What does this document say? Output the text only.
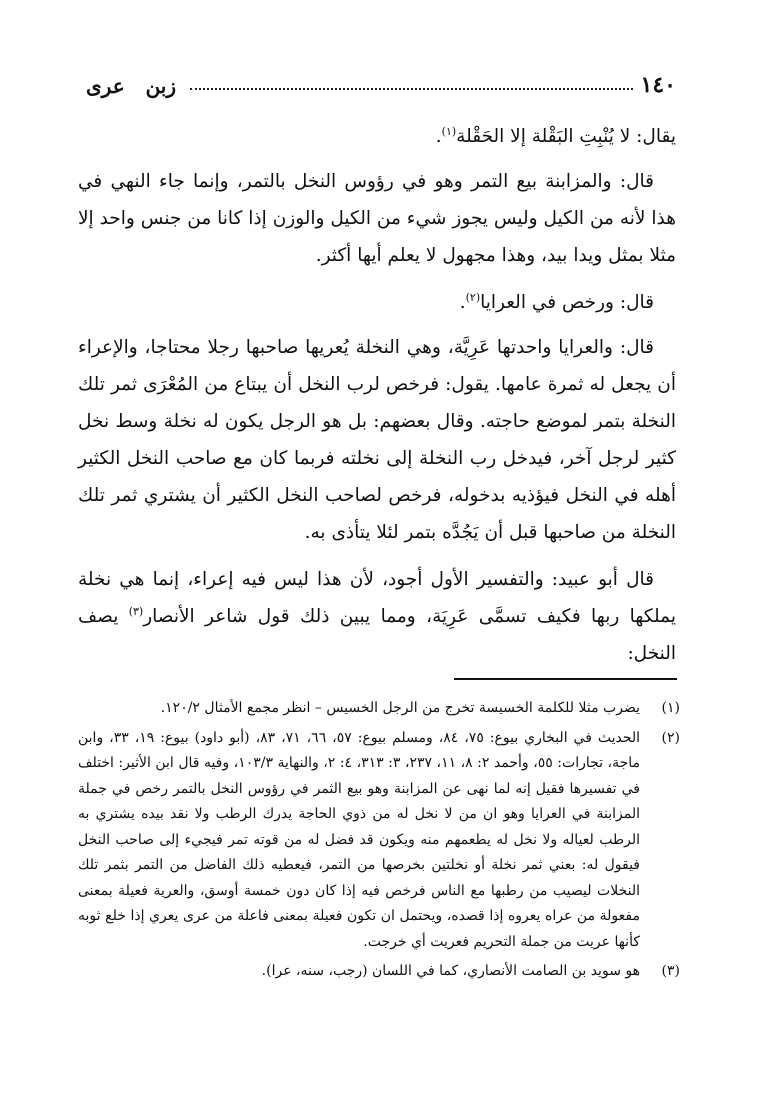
١٤٠
زبن عرى

يقال: لا يُنْبِتِ البَقْلة إلا الحَقْلة$^{(١)}$.

قال: والمزابنة بيع التمر وهو في رؤوس النخل بالتمر، وإنما جاء النهي في هذا لأنه من الكيل وليس يجوز شيء من الكيل والوزن إذا كانا من جنس واحد إلا مثلا بمثل ويدا بيد، وهذا مجهول لا يعلم أيها أكثر.

قال: ورخص في العرايا$^{(٢)}$.

قال: والعرايا واحدتها عَرِيَّة، وهي النخلة يُعريها صاحبها رجلا محتاجا، والإعراء أن يجعل له ثمرة عامها. يقول: فرخص لرب النخل أن يبتاع من المُعْرَى ثمر تلك النخلة بتمر لموضع حاجته. وقال بعضهم: بل هو الرجل يكون له نخلة وسط نخل كثير لرجل آخر، فيدخل رب النخلة إلى نخلته فربما كان مع صاحب النخل الكثير أهله في النخل فيؤذيه بدخوله، فرخص لصاحب النخل الكثير أن يشتري ثمر تلك النخلة من صاحبها قبل أن يَجُدَّه بتمر لئلا يتأذى به.

قال أبو عبيد: والتفسير الأول أجود، لأن هذا ليس فيه إعراء، إنما هي نخلة يملكها ربها فكيف تسمَّى عَرِيَة، ومما يبين ذلك قول شاعر الأنصار$^{(٣)}$ يصف النخل:

(١)
يضرب مثلا للكلمة الخسيسة تخرج من الرجل الخسيس – انظر مجمع الأمثال ١٢٠/٢.
(٢)
الحديث في البخاري بيوع: ٧٥، ٨٤، ومسلم بيوع: ٥٧، ٦٦، ٧١، ٨٣، (أبو داود) بيوع: ١٩، ٣٣، وابن ماجة، تجارات: ٥٥، وأحمد ٢: ٨، ١١، ٢٣٧، ٣: ٣١٣، ٤: ٢، والنهاية ١٠٣/٣، وفيه قال ابن الأثير: اختلف في تفسيرها فقيل إنه لما نهى عن المزابنة وهو بيع الثمر في رؤوس النخل بالتمر رخص في جملة المزابنة في العرايا وهو ان من لا نخل له من ذوي الحاجة يدرك الرطب ولا نقد بيده يشتري به الرطب لعياله ولا نخل له يطعمهم منه ويكون قد فضل له من قوته تمر فيجيء إلى صاحب النخل فيقول له: بعني ثمر نخلة أو نخلتين بخرصها من التمر، فيعطيه ذلك الفاضل من التمر بثمر تلك النخلات ليصيب من رطبها مع الناس فرخص فيه إذا كان دون خمسة أوسق، والعرية فعيلة بمعنى مفعولة من عراه يعروه إذا قصده، ويحتمل ان تكون فعيلة بمعنى فاعلة من عرى يعري إذا خلع ثوبه كأنها عريت من جملة التحريم فعريت أي خرجت.
(٣)
هو سويد بن الصامت الأنصاري، كما في اللسان (رجب، سنه، عرا).
